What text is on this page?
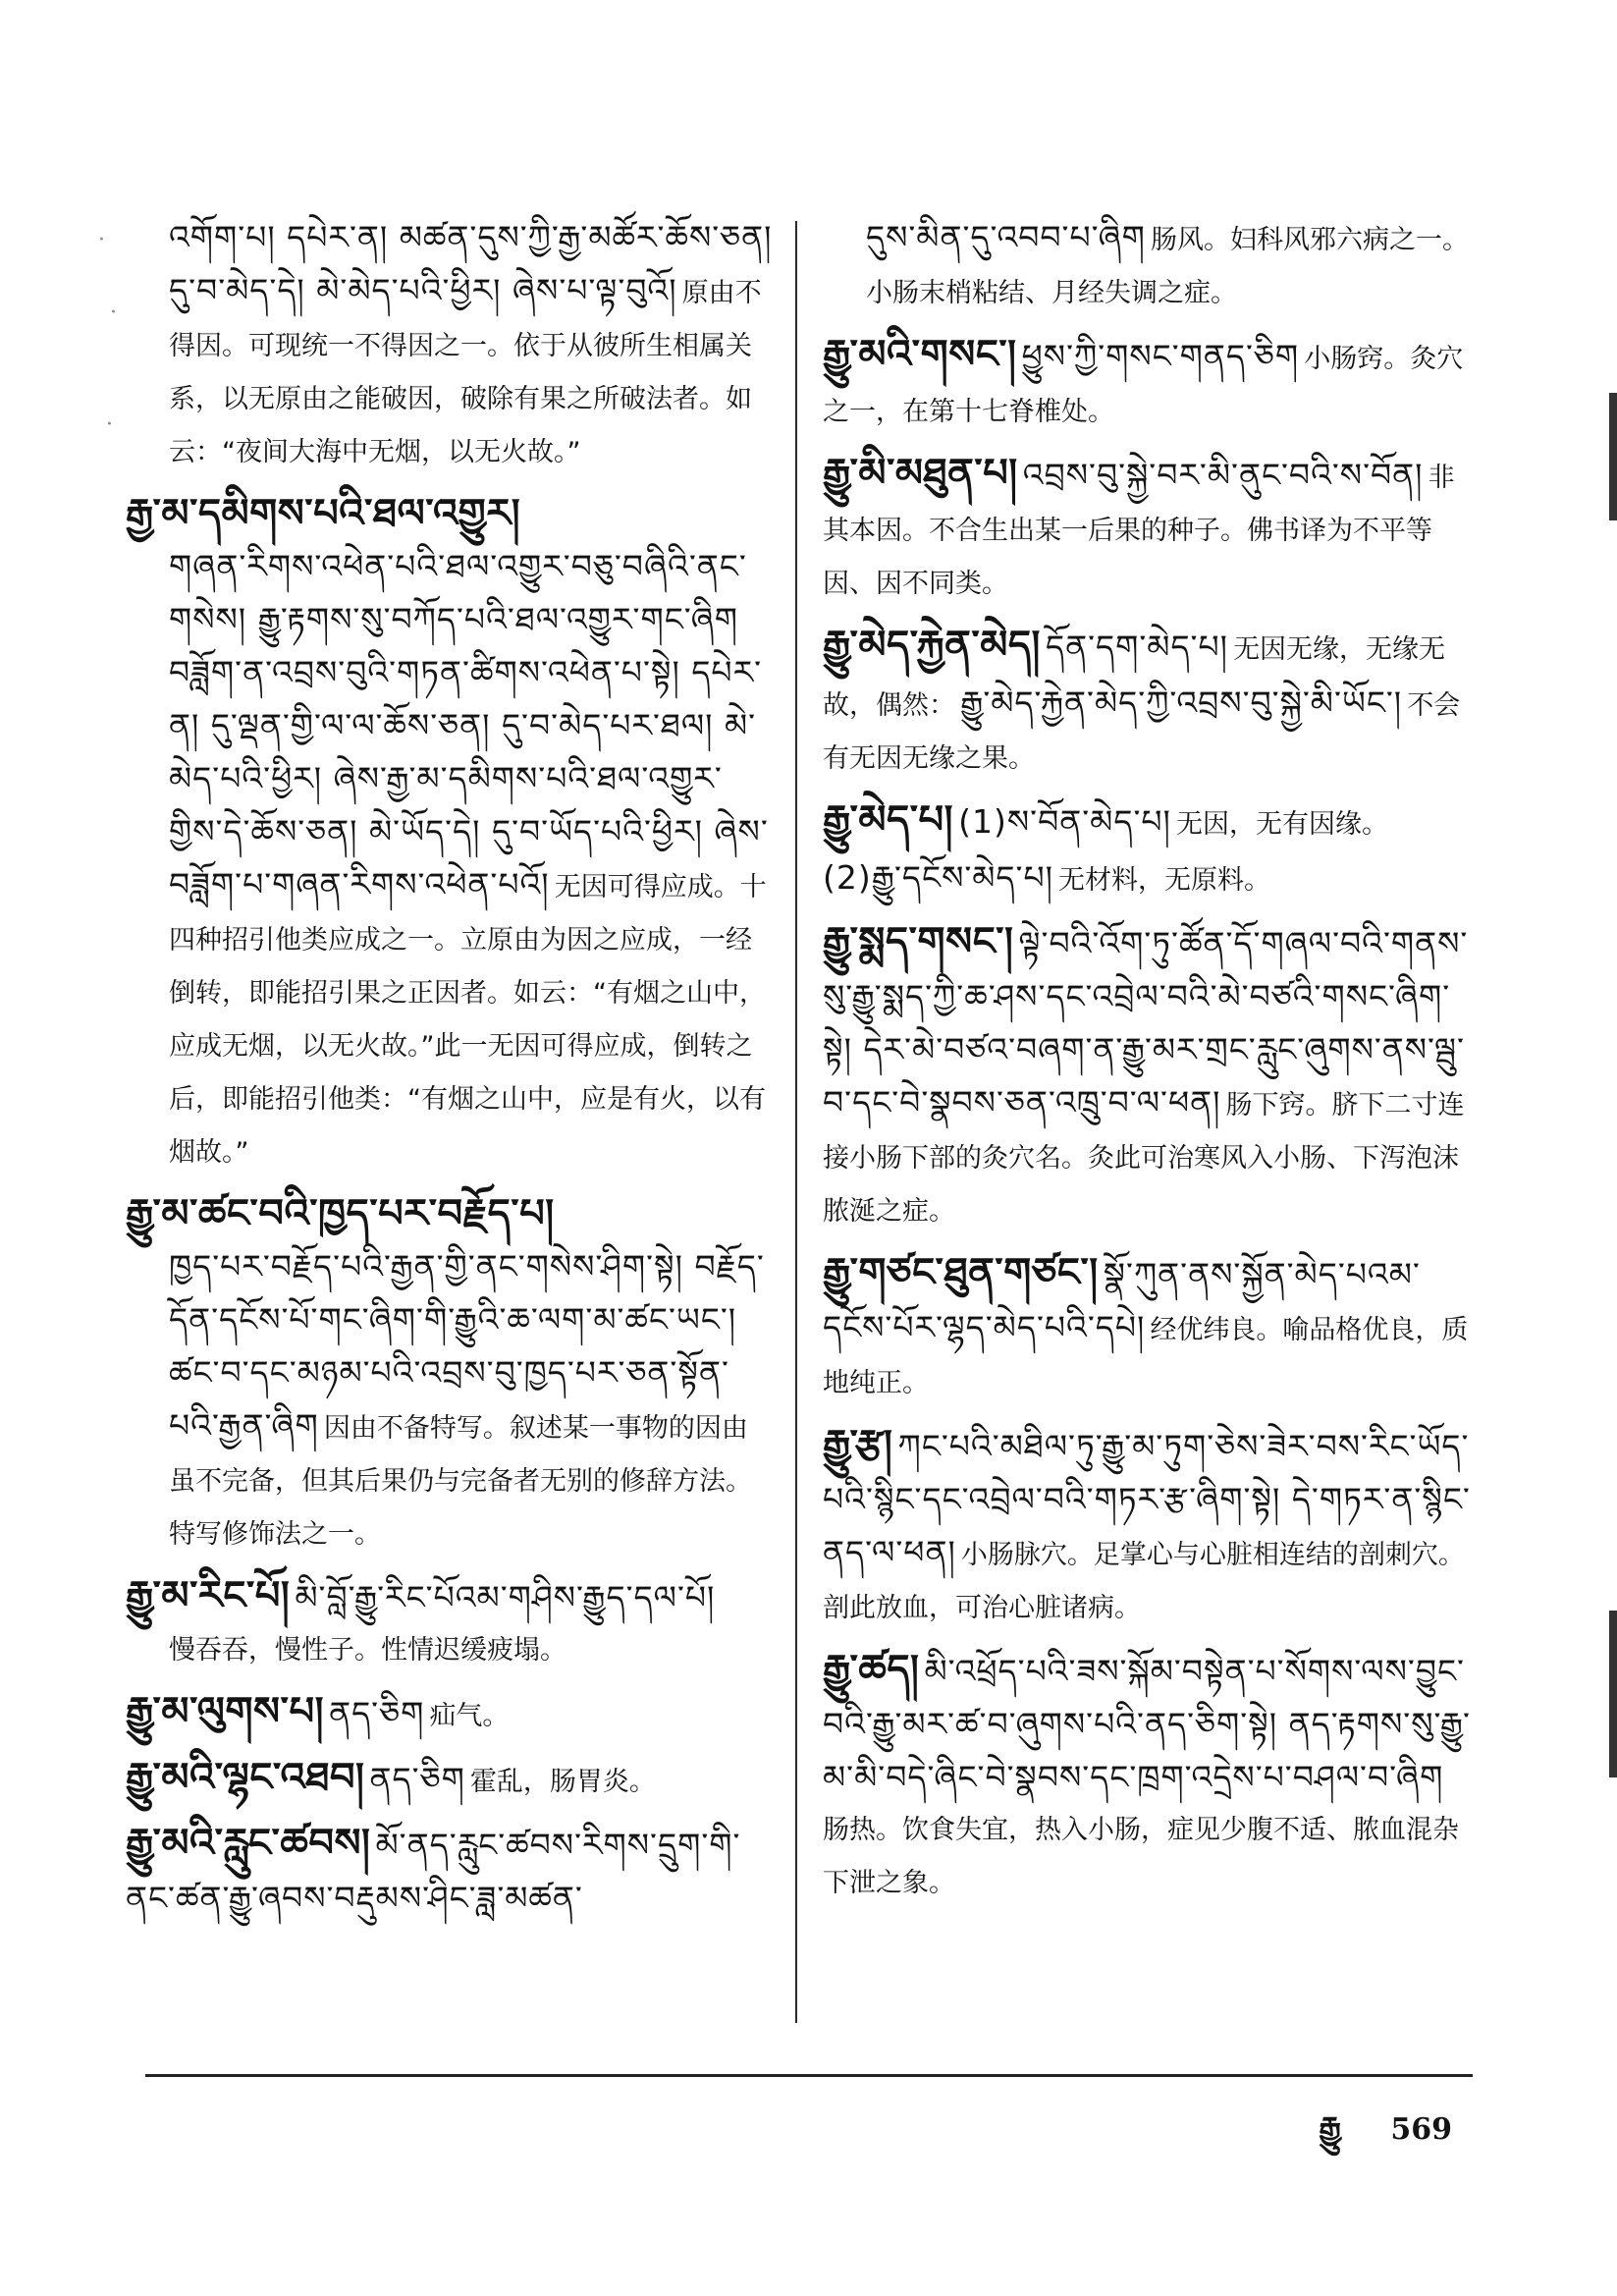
·
·
·
འགོག་པ། དཔེར་ན། མཚན་དུས་ཀྱི་རྒྱ་མཚོར་ཆོས་ཅན། དུ་བ་མེད་དེ། མེ་མེད་པའི་ཕྱིར། ཞེས་པ་ལྟ་བུའོ། 原由不得因。可现统一不得因之一。依于从彼所生相属关系，以无原由之能破因，破除有果之所破法者。如云：“夜间大海中无烟，以无火故。”
རྒྱ་མ་དམིགས་པའི་ཐལ་འགྱུར།
གཞན་རིགས་འཕེན་པའི་ཐལ་འགྱུར་བཅུ་བཞིའི་ནང་གསེས། རྒྱུ་རྟགས་སུ་བཀོད་པའི་ཐལ་འགྱུར་གང་ཞིག བཟློག་ན་འབྲས་བུའི་གཏན་ཚིགས་འཕེན་པ་སྟེ། དཔེར་ན། དུ་ལྡན་གྱི་ལ་ལ་ཆོས་ཅན། དུ་བ་མེད་པར་ཐལ། མེ་མེད་པའི་ཕྱིར། ཞེས་རྒྱ་མ་དམིགས་པའི་ཐལ་འགྱུར་གྱིས་དེ་ཆོས་ཅན། མེ་ཡོད་དེ། དུ་བ་ཡོད་པའི་ཕྱིར། ཞེས་བཟློག་པ་གཞན་རིགས་འཕེན་པའོ། 无因可得应成。十四种招引他类应成之一。立原由为因之应成，一经倒转，即能招引果之正因者。如云：“有烟之山中，应成无烟，以无火故。”此一无因可得应成，倒转之后，即能招引他类：“有烟之山中，应是有火，以有烟故。”
རྒྱུ་མ་ཚང་བའི་ཁྱད་པར་བརྗོད་པ།
ཁྱད་པར་བརྗོད་པའི་རྒྱན་གྱི་ནང་གསེས་ཤིག་སྟེ། བརྗོད་དོན་དངོས་པོ་གང་ཞིག་གི་རྒྱུའི་ཆ་ལག་མ་ཚང་ཡང་། ཚང་བ་དང་མཉམ་པའི་འབྲས་བུ་ཁྱད་པར་ཅན་སྟོན་པའི་རྒྱན་ཞིག 因由不备特写。叙述某一事物的因由虽不完备，但其后果仍与完备者无别的修辞方法。特写修饰法之一。
རྒྱུ་མ་རིང་པོ། མི་བློ་རྒྱུ་རིང་པོའམ་གཤིས་རྒྱུད་དལ་པོ།
慢吞吞，慢性子。性情迟缓疲塌。
རྒྱུ་མ་ལུགས་པ། ནད་ཅིག 疝气。
རྒྱུ་མའི་ལྷང་འཐབ། ནད་ཅིག 霍乱，肠胃炎。
རྒྱུ་མའི་རླུང་ཚབས། མོ་ནད་རླུང་ཚབས་རིགས་དྲུག་གི་ནང་ཚན་རྒྱུ་ཞབས་བརྡུམས་ཤིང་ཟླ་མཚན་
དུས་མིན་དུ་འབབ་པ་ཞིག 肠风。妇科风邪六病之一。小肠末梢粘结、月经失调之症。
རྒྱུ་མའི་གསང་། ཕྱུས་ཀྱི་གསང་གནད་ཅིག 小肠窍。灸穴之一，在第十七脊椎处。
རྒྱུ་མི་མཐུན་པ། འབྲས་བུ་སྐྱེ་བར་མི་ནུང་བའི་ས་བོན། 非其本因。不合生出某一后果的种子。佛书译为不平等因、因不同类。
རྒྱུ་མེད་རྐྱེན་མེད། དོན་དག་མེད་པ། 无因无缘，无缘无故，偶然： རྒྱུ་མེད་རྐྱེན་མེད་ཀྱི་འབྲས་བུ་སྐྱེ་མི་ཡོང་། 不会有无因无缘之果。
རྒྱུ་མེད་པ། (1)ས་བོན་མེད་པ། 无因，无有因缘。 (2)རྒྱུ་དངོས་མེད་པ། 无材料，无原料。
རྒྱུ་སྨད་གསང་། ལྟེ་བའི་འོག་ཏུ་ཚོན་དོ་གཞལ་བའི་གནས་སུ་རྒྱུ་སྨད་ཀྱི་ཆ་ཤས་དང་འབྲེལ་བའི་མེ་བཙའི་གསང་ཞིག་སྟེ། དེར་མེ་བཙའ་བཞག་ན་རྒྱུ་མར་གྲང་རླུང་ཞུགས་ནས་ལྦུ་བ་དང་བེ་སྣབས་ཅན་འཁྲུ་བ་ལ་ཕན། 肠下窍。脐下二寸连接小肠下部的灸穴名。灸此可治寒风入小肠、下泻泡沫脓涎之症。
རྒྱུ་གཙང་ཐུན་གཙང་། སྣོ་ཀུན་ནས་སྐྱོན་མེད་པའམ་དངོས་པོར་ལྷད་མེད་པའི་དཔེ། 经优纬良。喻品格优良，质地纯正。
རྒྱུ་རྩ། ཀང་པའི་མཐིལ་ཏུ་རྒྱུ་མ་ཏུག་ཅེས་ཟེར་བས་རིང་ཡོད་པའི་སྙིང་དང་འབྲེལ་བའི་གཏར་རྩ་ཞིག་སྟེ། དེ་གཏར་ན་སྙིང་ནད་ལ་ཕན། 小肠脉穴。足掌心与心脏相连结的剖刺穴。剖此放血，可治心脏诸病。
རྒྱུ་ཚད། མི་འཕྲོད་པའི་ཟས་སྐོམ་བསྟེན་པ་སོགས་ལས་བྱུང་བའི་རྒྱུ་མར་ཚ་བ་ཞུགས་པའི་ནད་ཅིག་སྟེ། ནད་རྟགས་སུ་རྒྱུ་མ་མི་བདེ་ཞིང་བེ་སྣབས་དང་ཁྲག་འདྲེས་པ་བཤལ་བ་ཞིག 肠热。饮食失宜，热入小肠，症见少腹不适、脓血混杂下泄之象。
རྒྱུ 569
